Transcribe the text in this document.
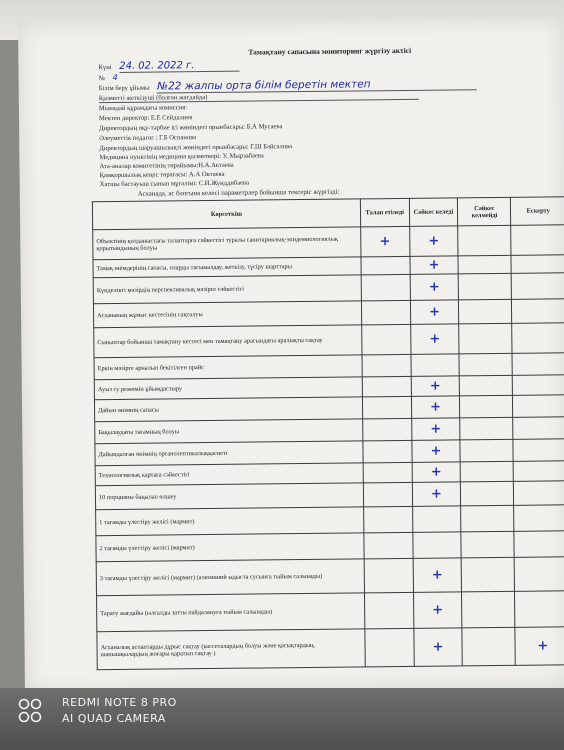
Тамақтану сапасына мониторинг жүргізу актісі
Күні 24. 02. 2022 г.
№ 4
Білім беру ұйымы №22 жалпы орта білім беретін мектеп
Қызметті жеткізуші (болған жағдайда)
Мынадай құрамдағы комиссия:
Мектеп директор: Е.Е Сейдалиев
Директордың оқу-тәрбие ісі жөніндегі орынбасары: Б.А Мусаева
Әлеуметтік педагог : Г.Б Оспанова
Директордың шаруашылықті жөніндегі орынбасары: Г.Ш Байсалова
Медицина пунктінің медицина қызметкері: У. Мырзабаева
Ата-аналар комитетінің төрайымы:Н.А.Актаева
Қамқоршылық кеңес төрағасы: А.А Октаева
Хатшы бастауыш сынып мұғалімі: С.И.Жунддибаева
Асханада, ас блогына келесі параметрлер бойынша тексеріс жүргізді:
Көрсеткіш	Талап етіледі	Сәйкес келеді	Сәйкес келмейді	Ескерту
Объектінің қолданыстағы талаптарға сәйкестігі туралы санитариялық-эпидемиологиялық қорытындының болуы	+	+		
Тамақ өнімдерінің сапасы, оларды тасымалдау, жеткізу, түсіру шарттары		+		
Күнделікті мәзірдің перспективалық мәзірге сәйкестігі		+		
Асхананың жұмыс кестесінің сақталуы		+		
Сыныптар бойынша тамақтану кестесі мен тамақтану арасындағы аралықты сақтау		+		
Еркін мәзірге арналып бекітілген прайс				
Ауыз су режимін ұйымдастыру		+		
Дайын өнімнің сапасы		+		
Бақылаудағы тағамның болуы		+		
Дайындалған өнімнің органолептикалыққасиеті		+		
Технологиялық картаға сәйкестігі		+		
10 порцияны бақылап өлшеу		+		
1 тағамды үлестіру желісі (мармит)				
2 тағамды үлестіру желісі (мармит)				
3 тағамды үлестіру желісі (мармит) (алюминий ыдыста сусынға тыйым салынады)		+		
Тарату жағдайы (ылғалды затты пайдалануға тыйым салынады)		+		
Асханалық аспаптарды дұрыс сақтау (кассеталардың болуы және қасықтардың, шанышқылардың жоғары қаратып сақтау )		+		+
REDMI NOTE 8 PRO
AI QUAD CAMERA
